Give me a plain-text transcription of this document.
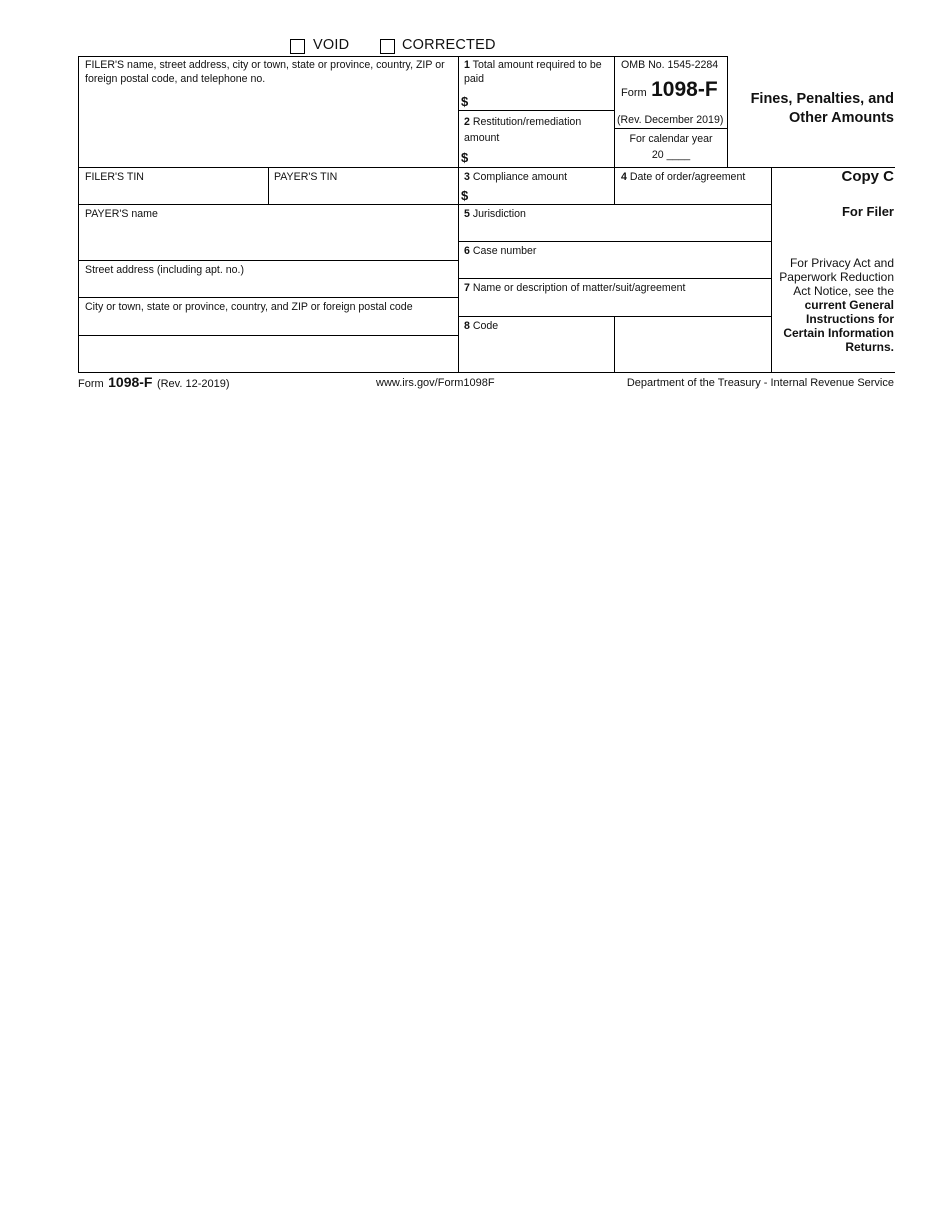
VOID	CORRECTED
FILER'S name, street address, city or town, state or province, country, ZIP or foreign postal code, and telephone no.
1 Total amount required to be paid
$
2 Restitution/remediation amount
$
OMB No. 1545-2284
Form 1098-F
(Rev. December 2019)
For calendar year
20 ____
Fines, Penalties, and
Other Amounts
FILER'S TIN	PAYER'S TIN	3 Compliance amount
$
4 Date of order/agreement	Copy C
For Filer
PAYER'S name	5 Jurisdiction
6 Case number
Street address (including apt. no.)
7 Name or description of matter/suit/agreement
City or town, state or province, country, and ZIP or foreign postal code
8 Code
For Privacy Act and
Paperwork Reduction
Act Notice, see the
current General
Instructions for
Certain Information
Returns.
Form 1098-F (Rev. 12-2019)	www.irs.gov/Form1098F	Department of the Treasury - Internal Revenue Service
